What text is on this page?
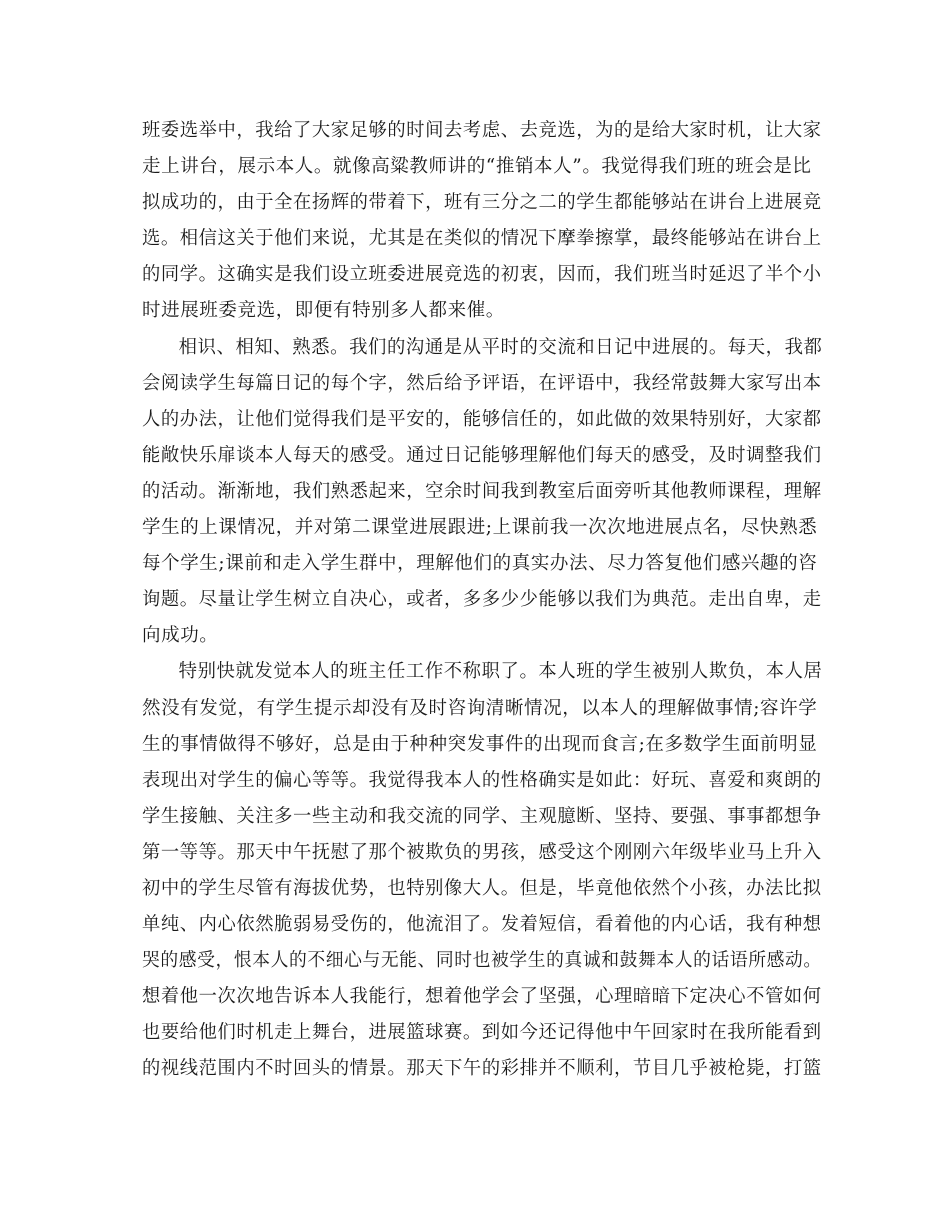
班委选举中，我给了大家足够的时间去考虑、去竞选，为的是给大家时机，让大家
走上讲台，展示本人。就像高粱教师讲的“推销本人”。我觉得我们班的班会是比
拟成功的，由于全在扬辉的带着下，班有三分之二的学生都能够站在讲台上进展竞
选。相信这关于他们来说，尤其是在类似的情况下摩拳擦掌，最终能够站在讲台上
的同学。这确实是我们设立班委进展竞选的初衷，因而，我们班当时延迟了半个小
时进展班委竞选，即便有特别多人都来催。
相识、相知、熟悉。我们的沟通是从平时的交流和日记中进展的。每天，我都
会阅读学生每篇日记的每个字，然后给予评语，在评语中，我经常鼓舞大家写出本
人的办法，让他们觉得我们是平安的，能够信任的，如此做的效果特别好，大家都
能敞快乐扉谈本人每天的感受。通过日记能够理解他们每天的感受，及时调整我们
的活动。渐渐地，我们熟悉起来，空余时间我到教室后面旁听其他教师课程，理解
学生的上课情况，并对第二课堂进展跟进;上课前我一次次地进展点名，尽快熟悉
每个学生;课前和走入学生群中，理解他们的真实办法、尽力答复他们感兴趣的咨
询题。尽量让学生树立自决心，或者，多多少少能够以我们为典范。走出自卑，走
向成功。
特别快就发觉本人的班主任工作不称职了。本人班的学生被别人欺负，本人居
然没有发觉，有学生提示却没有及时咨询清晰情况，以本人的理解做事情;容许学
生的事情做得不够好，总是由于种种突发事件的出现而食言;在多数学生面前明显
表现出对学生的偏心等等。我觉得我本人的性格确实是如此：好玩、喜爱和爽朗的
学生接触、关注多一些主动和我交流的同学、主观臆断、坚持、要强、事事都想争
第一等等。那天中午抚慰了那个被欺负的男孩，感受这个刚刚六年级毕业马上升入
初中的学生尽管有海拔优势，也特别像大人。但是，毕竟他依然个小孩，办法比拟
单纯、内心依然脆弱易受伤的，他流泪了。发着短信，看着他的内心话，我有种想
哭的感受，恨本人的不细心与无能、同时也被学生的真诚和鼓舞本人的话语所感动。
想着他一次次地告诉本人我能行，想着他学会了坚强，心理暗暗下定决心不管如何
也要给他们时机走上舞台，进展篮球赛。到如今还记得他中午回家时在我所能看到
的视线范围内不时回头的情景。那天下午的彩排并不顺利，节目几乎被枪毙，打篮
